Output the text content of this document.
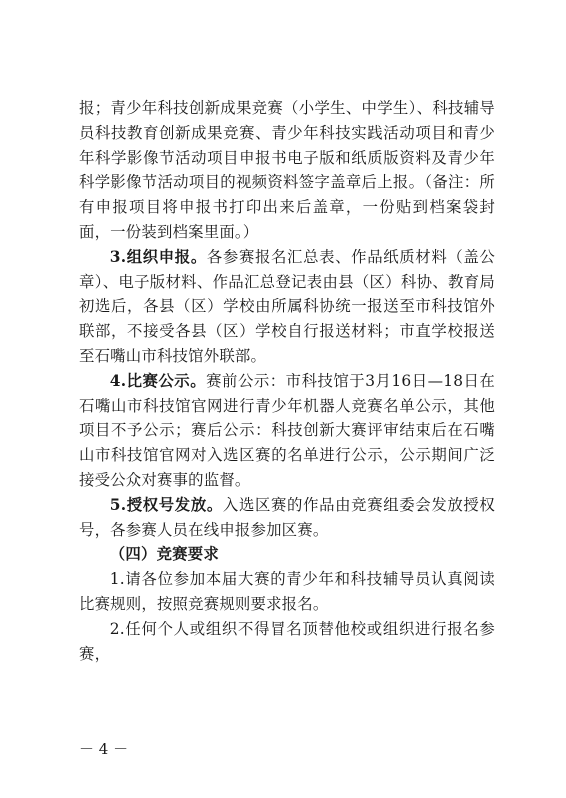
报；青少年科技创新成果竞赛（小学生、中学生）、科技辅导员科技教育创新成果竞赛、青少年科技实践活动项目和青少年科学影像节活动项目申报书电子版和纸质版资料及青少年科学影像节活动项目的视频资料签字盖章后上报。（备注：所有申报项目将申报书打印出来后盖章，一份贴到档案袋封面，一份装到档案里面。）

3.组织申报。各参赛报名汇总表、作品纸质材料（盖公章）、电子版材料、作品汇总登记表由县（区）科协、教育局初选后，各县（区）学校由所属科协统一报送至市科技馆外联部，不接受各县（区）学校自行报送材料；市直学校报送至石嘴山市科技馆外联部。

4.比赛公示。赛前公示：市科技馆于3月16日—18日在石嘴山市科技馆官网进行青少年机器人竞赛名单公示，其他项目不予公示；赛后公示：科技创新大赛评审结束后在石嘴山市科技馆官网对入选区赛的名单进行公示，公示期间广泛接受公众对赛事的监督。

5.授权号发放。入选区赛的作品由竞赛组委会发放授权号，各参赛人员在线申报参加区赛。

（四）竞赛要求

1.请各位参加本届大赛的青少年和科技辅导员认真阅读比赛规则，按照竞赛规则要求报名。

2.任何个人或组织不得冒名顶替他校或组织进行报名参赛，

－ 4 －
